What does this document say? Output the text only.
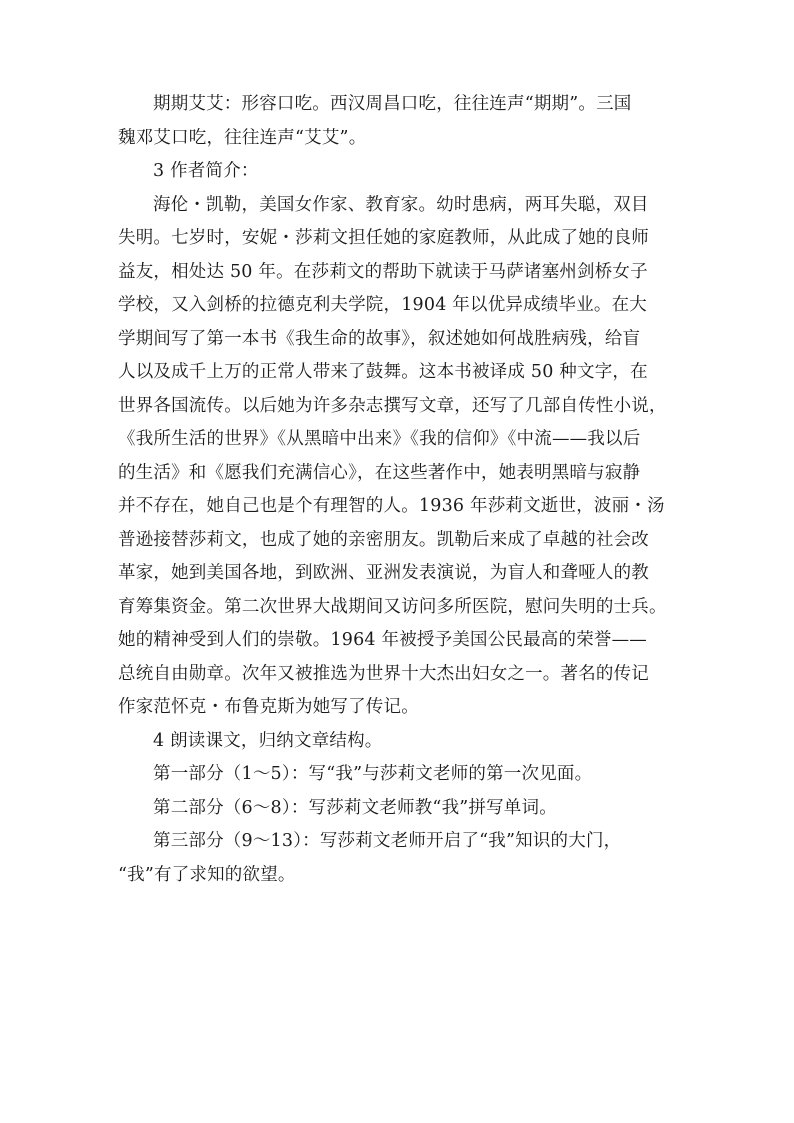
期期艾艾：形容口吃。西汉周昌口吃，往往连声“期期”。三国
魏邓艾口吃，往往连声“艾艾”。

3 作者简介：

海伦・凯勒，美国女作家、教育家。幼时患病，两耳失聪，双目
失明。七岁时，安妮・莎莉文担任她的家庭教师，从此成了她的良师
益友，相处达 50 年。在莎莉文的帮助下就读于马萨诸塞州剑桥女子
学校，又入剑桥的拉德克利夫学院，1904 年以优异成绩毕业。在大
学期间写了第一本书《我生命的故事》，叙述她如何战胜病残，给盲
人以及成千上万的正常人带来了鼓舞。这本书被译成 50 种文字，在
世界各国流传。以后她为许多杂志撰写文章，还写了几部自传性小说，
《我所生活的世界》《从黑暗中出来》《我的信仰》《中流——我以后
的生活》和《愿我们充满信心》，在这些著作中，她表明黑暗与寂静
并不存在，她自己也是个有理智的人。1936 年莎莉文逝世，波丽・汤
普逊接替莎莉文，也成了她的亲密朋友。凯勒后来成了卓越的社会改
革家，她到美国各地，到欧洲、亚洲发表演说，为盲人和聋哑人的教
育筹集资金。第二次世界大战期间又访问多所医院，慰问失明的士兵。
她的精神受到人们的崇敬。1964 年被授予美国公民最高的荣誉——
总统自由勋章。次年又被推选为世界十大杰出妇女之一。著名的传记
作家范怀克・布鲁克斯为她写了传记。

4 朗读课文，归纳文章结构。

第一部分（1～5）：写“我”与莎莉文老师的第一次见面。

第二部分（6～8）：写莎莉文老师教“我”拼写单词。

第三部分（9～13）：写莎莉文老师开启了“我”知识的大门，
“我”有了求知的欲望。
